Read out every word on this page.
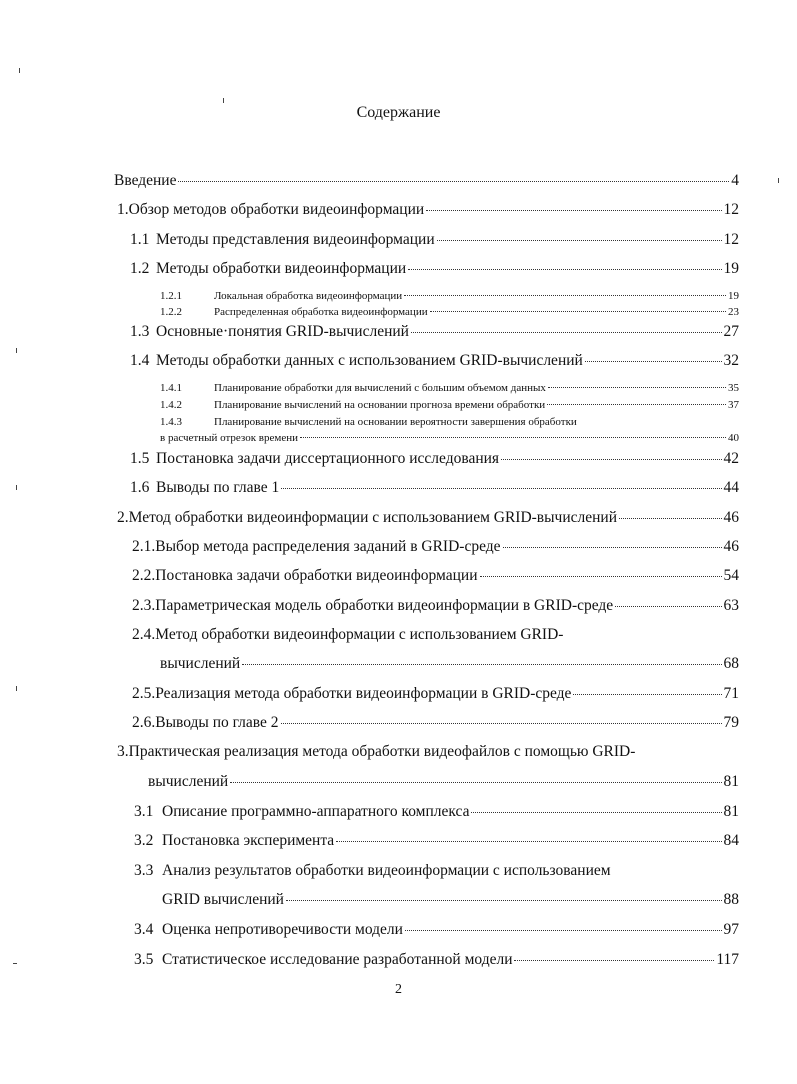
Содержание
Введение	4
1. Обзор методов обработки видеоинформации	12
1.1 Методы представления видеоинформации	12
1.2 Методы обработки видеоинформации	19
1.2.1	Локальная обработка видеоинформации	19
1.2.2	Распределенная обработка видеоинформации	23
1.3 Основные·понятия GRID-вычислений	27
1.4 Методы обработки данных с использованием GRID-вычислений	32
1.4.1	Планирование обработки для вычислений с большим объемом данных	35
1.4.2	Планирование вычислений на основании прогноза времени обработки	37
1.4.3	Планирование вычислений на основании вероятности завершения обработки
в расчетный отрезок времени	40
1.5 Постановка задачи диссертационного исследования	42
1.6 Выводы по главе 1	44
2. Метод обработки видеоинформации с использованием GRID-вычислений	46
2.1. Выбор метода распределения заданий в GRID-среде	46
2.2. Постановка задачи обработки видеоинформации	54
2.3. Параметрическая модель обработки видеоинформации в GRID-среде	63
2.4.Метод обработки видеоинформации с использованием GRID-
вычислений	68
2.5. Реализация метода обработки видеоинформации в GRID-среде	71
2.6. Выводы по главе 2	79
3.Практическая реализация метода обработки видеофайлов с помощью GRID-
вычислений	81
3.1 Описание программно-аппаратного комплекса	81
3.2 Постановка эксперимента	84
3.3 Анализ результатов обработки видеоинформации с использованием
GRID вычислений	88
3.4 Оценка непротиворечивости модели	97
3.5 Статистическое исследование разработанной модели	117
2
